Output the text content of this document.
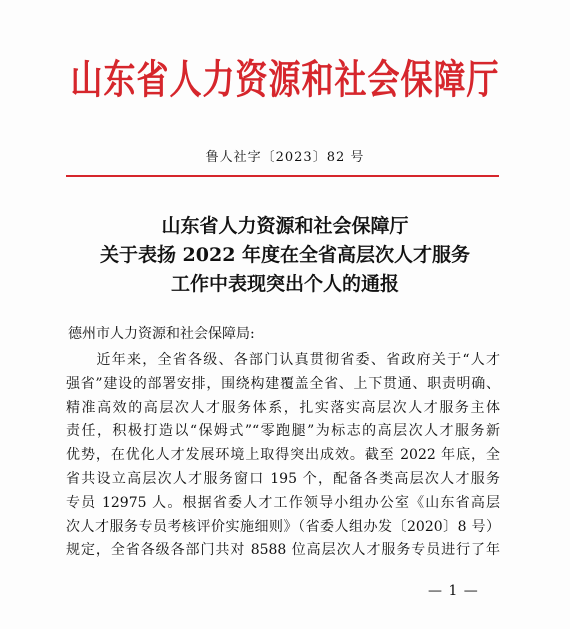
山东省人力资源和社会保障厅
鲁人社字〔2023〕82 号
山东省人力资源和社会保障厅
关于表扬 2022 年度在全省高层次人才服务
工作中表现突出个人的通报
德州市人力资源和社会保障局:
　　近年来，全省各级、各部门认真贯彻省委、省政府关于“人才
强省”建设的部署安排，围绕构建覆盖全省、上下贯通、职责明确、
精准高效的高层次人才服务体系，扎实落实高层次人才服务主体
责任，积极打造以“保姆式”“零跑腿”为标志的高层次人才服务新
优势，在优化人才发展环境上取得突出成效。截至 2022 年底，全
省共设立高层次人才服务窗口 195 个，配备各类高层次人才服务
专员 12975 人。根据省委人才工作领导小组办公室《山东省高层
次人才服务专员考核评价实施细则》（省委人组办发〔2020〕8 号）
规定，全省各级各部门共对 8588 位高层次人才服务专员进行了年
— 1 —
